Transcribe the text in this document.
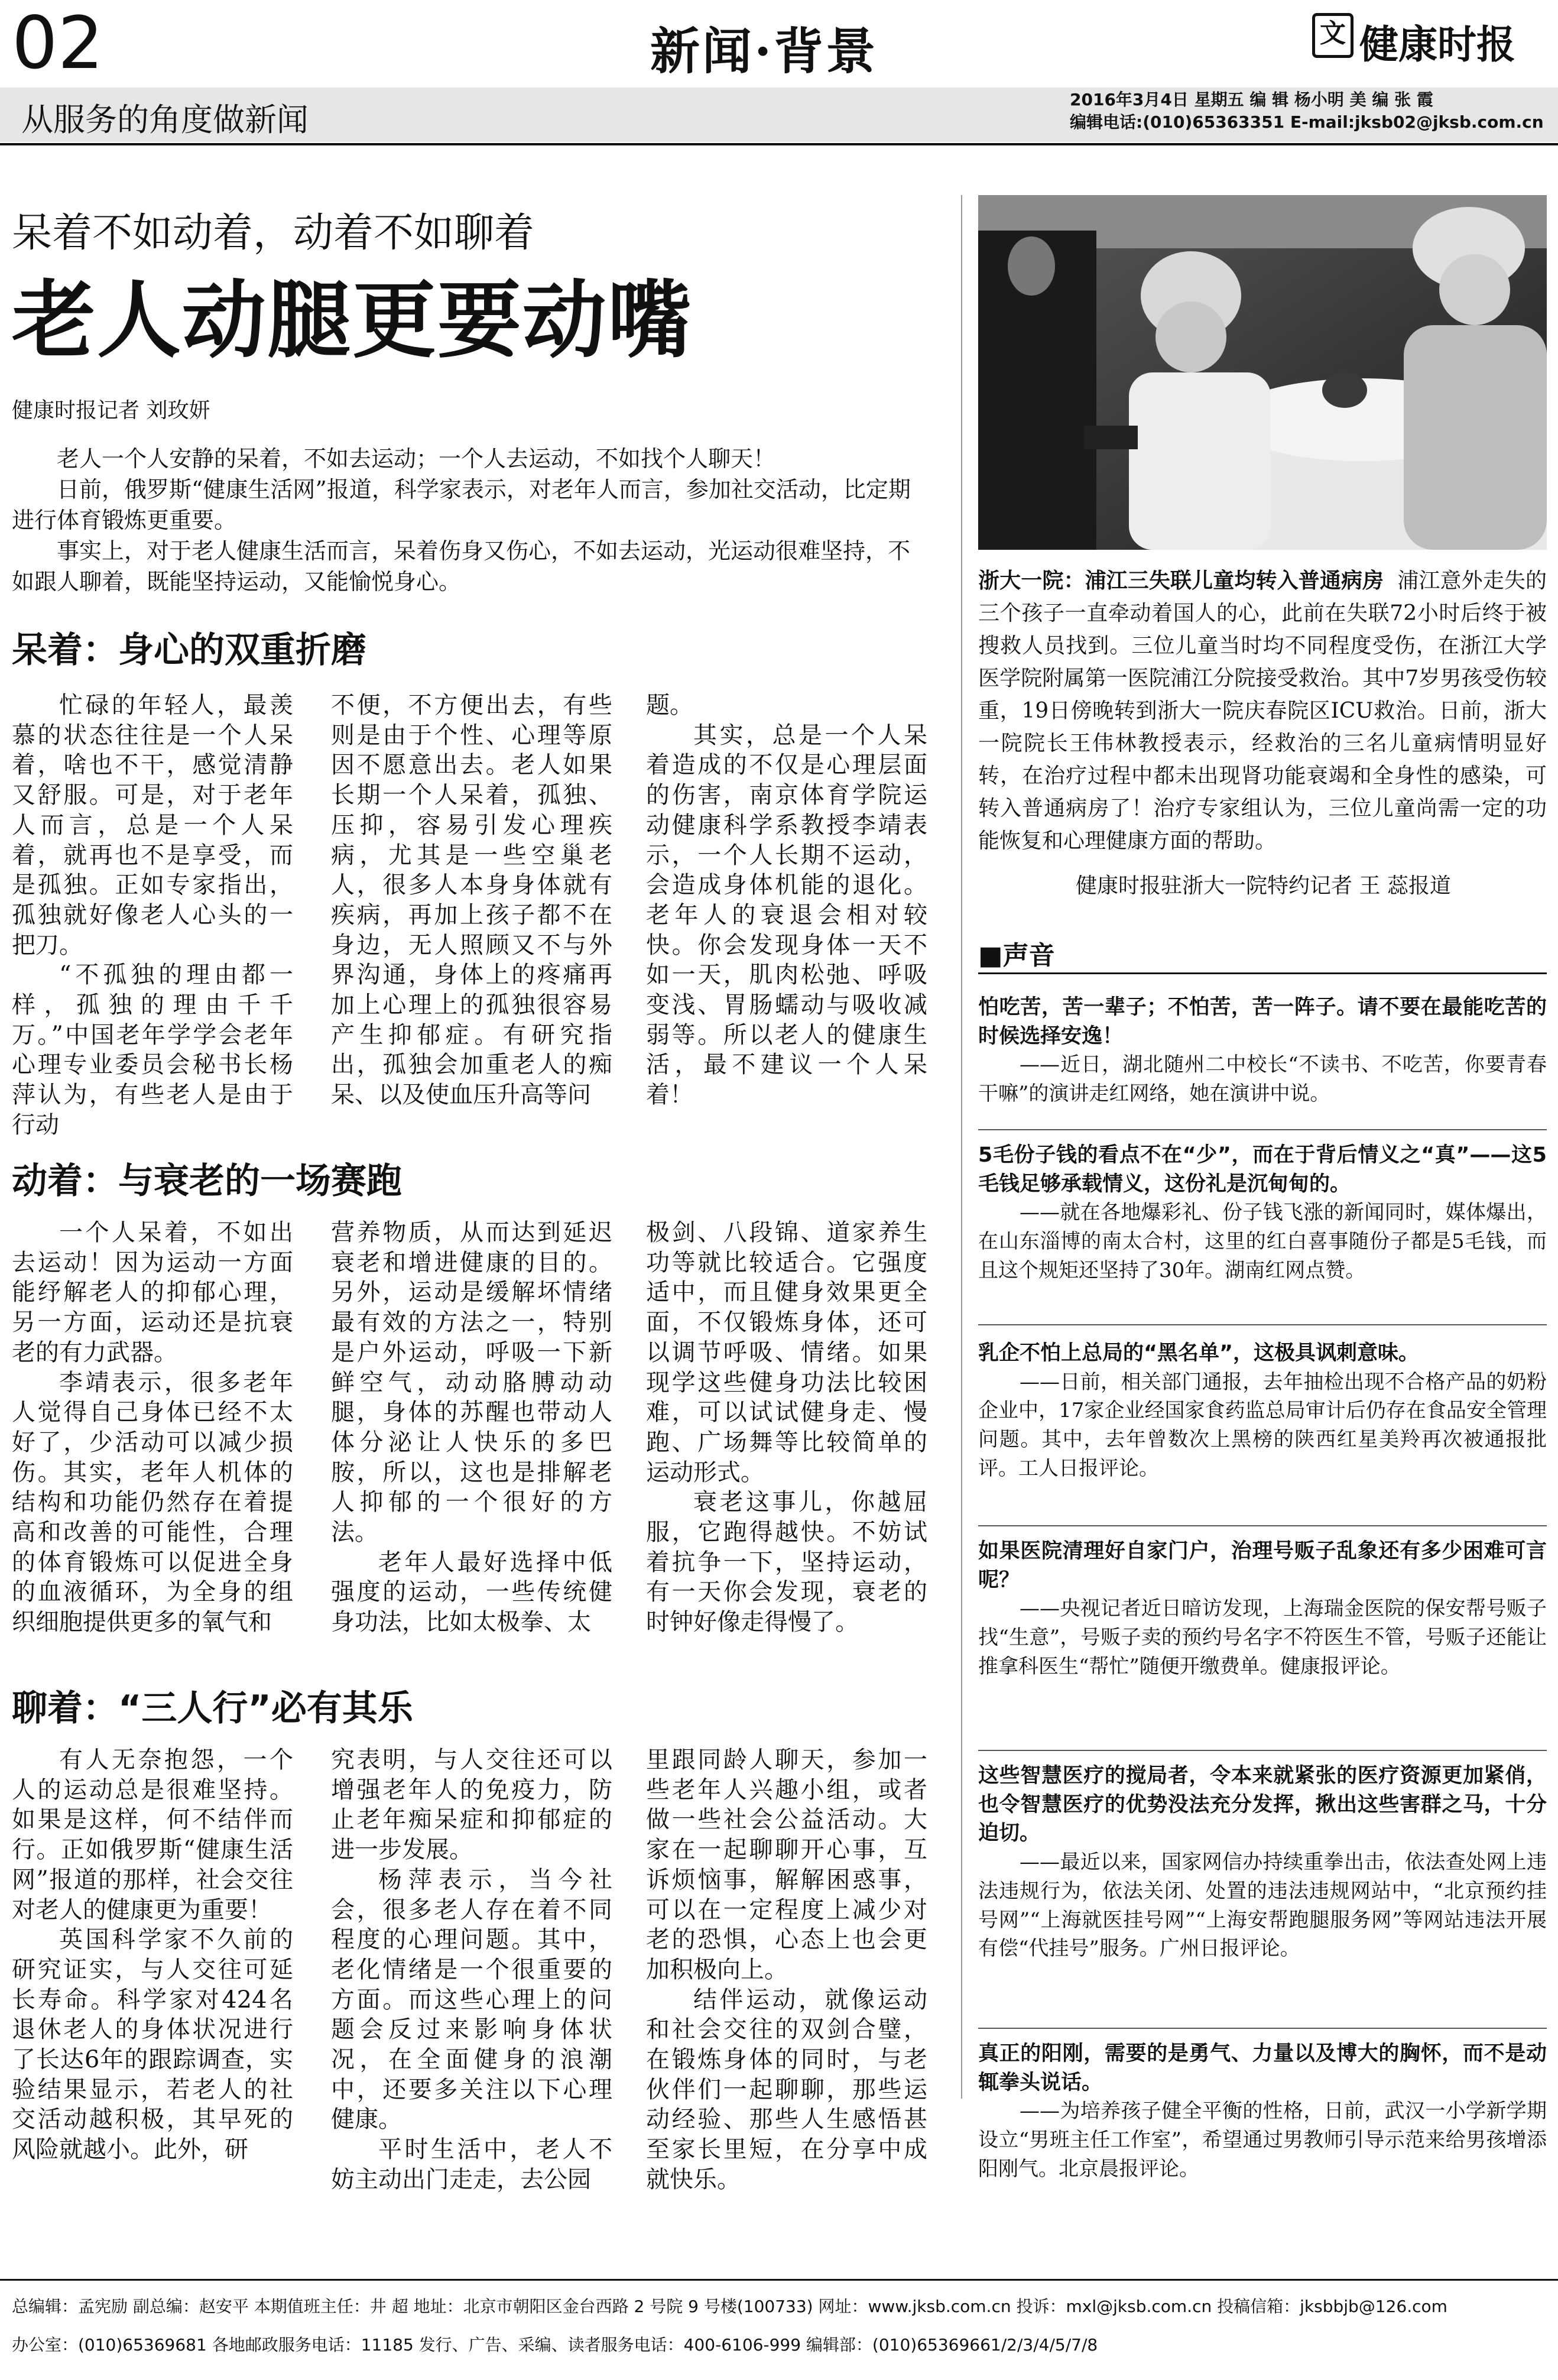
02	新闻·背景	文 健康时报
从服务的角度做新闻
2016年3月4日 星期五 编 辑 杨小明 美 编 张 霞
编辑电话:(010)65363351 E-mail:jksb02@jksb.com.cn
呆着不如动着，动着不如聊着
老人动腿更要动嘴
健康时报记者 刘玫妍
老人一个人安静的呆着，不如去运动；一个人去运动，不如找个人聊天！
日前，俄罗斯“健康生活网”报道，科学家表示，对老年人而言，参加社交活动，比定期进行体育锻炼更重要。
事实上，对于老人健康生活而言，呆着伤身又伤心，不如去运动，光运动很难坚持，不如跟人聊着，既能坚持运动，又能愉悦身心。
呆着：身心的双重折磨

忙碌的年轻人，最羡慕的状态往往是一个人呆着，啥也不干，感觉清静又舒服。可是，对于老年人而言，总是一个人呆着，就再也不是享受，而是孤独。正如专家指出，孤独就好像老人心头的一把刀。

“不孤独的理由都一样，孤独的理由千千万。”中国老年学学会老年心理专业委员会秘书长杨萍认为，有些老人是由于行动

不便，不方便出去，有些则是由于个性、心理等原因不愿意出去。老人如果长期一个人呆着，孤独、压抑，容易引发心理疾病，尤其是一些空巢老人，很多人本身身体就有疾病，再加上孩子都不在身边，无人照顾又不与外界沟通，身体上的疼痛再加上心理上的孤独很容易产生抑郁症。有研究指出，孤独会加重老人的痴呆、以及使血压升高等问

题。

其实，总是一个人呆着造成的不仅是心理层面的伤害，南京体育学院运动健康科学系教授李靖表示，一个人长期不运动，会造成身体机能的退化。老年人的衰退会相对较快。你会发现身体一天不如一天，肌肉松弛、呼吸变浅、胃肠蠕动与吸收减弱等。所以老人的健康生活，最不建议一个人呆着！

动着：与衰老的一场赛跑

一个人呆着，不如出去运动！因为运动一方面能纾解老人的抑郁心理，另一方面，运动还是抗衰老的有力武器。

李靖表示，很多老年人觉得自己身体已经不太好了，少活动可以减少损伤。其实，老年人机体的结构和功能仍然存在着提高和改善的可能性，合理的体育锻炼可以促进全身的血液循环，为全身的组织细胞提供更多的氧气和

营养物质，从而达到延迟衰老和增进健康的目的。另外，运动是缓解坏情绪最有效的方法之一，特别是户外运动，呼吸一下新鲜空气，动动胳膊动动腿，身体的苏醒也带动人体分泌让人快乐的多巴胺，所以，这也是排解老人抑郁的一个很好的方法。

老年人最好选择中低强度的运动，一些传统健身功法，比如太极拳、太

极剑、八段锦、道家养生功等就比较适合。它强度适中，而且健身效果更全面，不仅锻炼身体，还可以调节呼吸、情绪。如果现学这些健身功法比较困难，可以试试健身走、慢跑、广场舞等比较简单的运动形式。

衰老这事儿，你越屈服，它跑得越快。不妨试着抗争一下，坚持运动，有一天你会发现，衰老的时钟好像走得慢了。

聊着：“三人行”必有其乐

有人无奈抱怨，一个人的运动总是很难坚持。如果是这样，何不结伴而行。正如俄罗斯“健康生活网”报道的那样，社会交往对老人的健康更为重要！

英国科学家不久前的研究证实，与人交往可延长寿命。科学家对424名退休老人的身体状况进行了长达6年的跟踪调查，实验结果显示，若老人的社交活动越积极，其早死的风险就越小。此外，研

究表明，与人交往还可以增强老年人的免疫力，防止老年痴呆症和抑郁症的进一步发展。

杨萍表示，当今社会，很多老人存在着不同程度的心理问题。其中，老化情绪是一个很重要的方面。而这些心理上的问题会反过来影响身体状况，在全面健身的浪潮中，还要多关注以下心理健康。

平时生活中，老人不妨主动出门走走，去公园

里跟同龄人聊天，参加一些老年人兴趣小组，或者做一些社会公益活动。大家在一起聊聊开心事，互诉烦恼事，解解困惑事，可以在一定程度上减少对老的恐惧，心态上也会更加积极向上。

结伴运动，就像运动和社会交往的双剑合璧，在锻炼身体的同时，与老伙伴们一起聊聊，那些运动经验、那些人生感悟甚至家长里短，在分享中成就快乐。

浙大一院：浦江三失联儿童均转入普通病房 浦江意外走失的三个孩子一直牵动着国人的心，此前在失联72小时后终于被搜救人员找到。三位儿童当时均不同程度受伤，在浙江大学医学院附属第一医院浦江分院接受救治。其中7岁男孩受伤较重，19日傍晚转到浙大一院庆春院区ICU救治。日前，浙大一院院长王伟林教授表示，经救治的三名儿童病情明显好转，在治疗过程中都未出现肾功能衰竭和全身性的感染，可转入普通病房了！治疗专家组认为，三位儿童尚需一定的功能恢复和心理健康方面的帮助。
健康时报驻浙大一院特约记者 王 蕊报道
■声音
怕吃苦，苦一辈子；不怕苦，苦一阵子。请不要在最能吃苦的时候选择安逸！
——近日，湖北随州二中校长“不读书、不吃苦，你要青春干嘛”的演讲走红网络，她在演讲中说。
5毛份子钱的看点不在“少”，而在于背后情义之“真”——这5毛钱足够承载情义，这份礼是沉甸甸的。
——就在各地爆彩礼、份子钱飞涨的新闻同时，媒体爆出，在山东淄博的南太合村，这里的红白喜事随份子都是5毛钱，而且这个规矩还坚持了30年。湖南红网点赞。
乳企不怕上总局的“黑名单”，这极具讽刺意味。
——日前，相关部门通报，去年抽检出现不合格产品的奶粉企业中，17家企业经国家食药监总局审计后仍存在食品安全管理问题。其中，去年曾数次上黑榜的陕西红星美羚再次被通报批评。工人日报评论。
如果医院清理好自家门户，治理号贩子乱象还有多少困难可言呢？
——央视记者近日暗访发现，上海瑞金医院的保安帮号贩子找“生意”，号贩子卖的预约号名字不符医生不管，号贩子还能让推拿科医生“帮忙”随便开缴费单。健康报评论。
这些智慧医疗的搅局者，令本来就紧张的医疗资源更加紧俏，也令智慧医疗的优势没法充分发挥，揪出这些害群之马，十分迫切。
——最近以来，国家网信办持续重拳出击，依法查处网上违法违规行为，依法关闭、处置的违法违规网站中，“北京预约挂号网”“上海就医挂号网”“上海安帮跑腿服务网”等网站违法开展有偿“代挂号”服务。广州日报评论。
真正的阳刚，需要的是勇气、力量以及博大的胸怀，而不是动辄拳头说话。
——为培养孩子健全平衡的性格，日前，武汉一小学新学期设立“男班主任工作室”，希望通过男教师引导示范来给男孩增添阳刚气。北京晨报评论。
总编辑：孟宪励 副总编：赵安平 本期值班主任：井 超 地址：北京市朝阳区金台西路 2 号院 9 号楼(100733) 网址：www.jksb.com.cn 投诉：mxl@jksb.com.cn 投稿信箱：jksbbjb@126.com
办公室：(010)65369681 各地邮政服务电话：11185 发行、广告、采编、读者服务电话：400-6106-999 编辑部：(010)65369661/2/3/4/5/7/8
